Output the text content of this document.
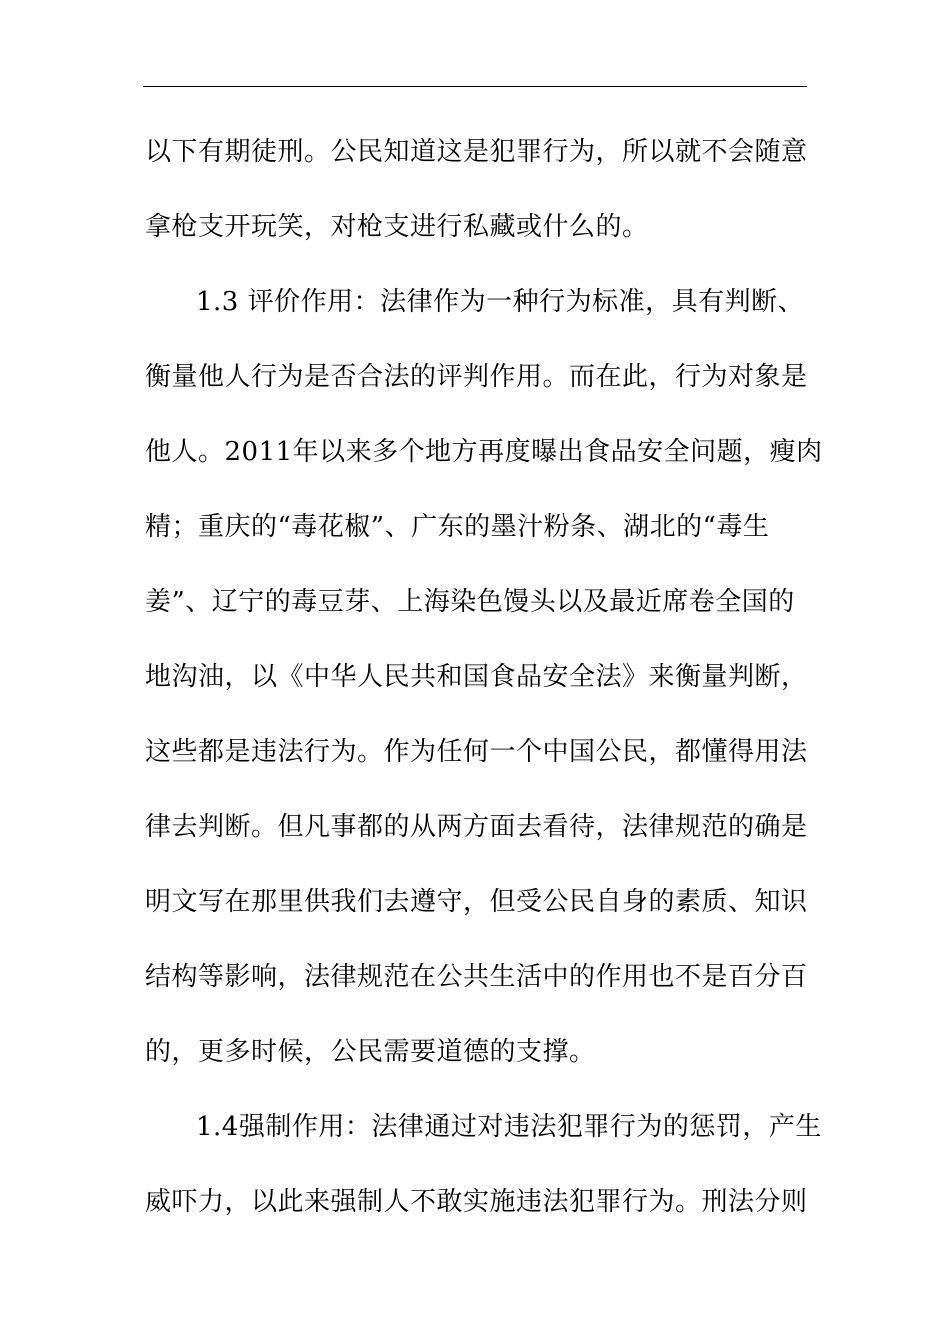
以下有期徒刑。公民知道这是犯罪行为，所以就不会随意
拿枪支开玩笑，对枪支进行私藏或什么的。
1.3 评价作用：法律作为一种行为标准，具有判断、
衡量他人行为是否合法的评判作用。而在此，行为对象是
他人。2011年以来多个地方再度曝出食品安全问题，瘦肉
精；重庆的“毒花椒”、广东的墨汁粉条、湖北的“毒生
姜”、辽宁的毒豆芽、上海染色馒头以及最近席卷全国的
地沟油，以《中华人民共和国食品安全法》来衡量判断，
这些都是违法行为。作为任何一个中国公民，都懂得用法
律去判断。但凡事都的从两方面去看待，法律规范的确是
明文写在那里供我们去遵守，但受公民自身的素质、知识
结构等影响，法律规范在公共生活中的作用也不是百分百
的，更多时候，公民需要道德的支撑。
1.4强制作用：法律通过对违法犯罪行为的惩罚，产生
威吓力，以此来强制人不敢实施违法犯罪行为。刑法分则
